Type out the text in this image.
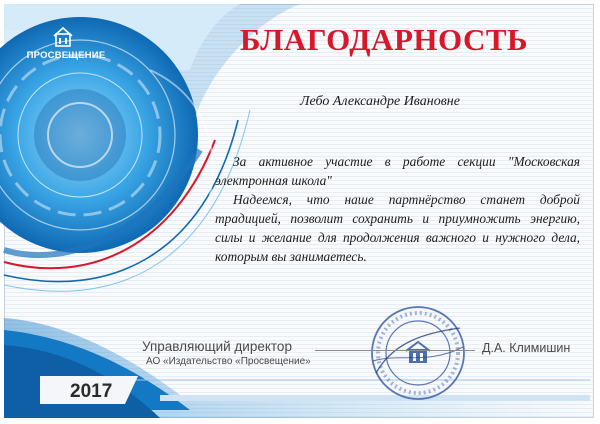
ПРОСВЕЩЕНИЕ	БЛАГОДАРНОСТЬ
Лебо Александре Ивановне

За активное участие в работе секции "Московская электронная школа"

Надеемся, что наше партнёрство станет доброй традицией, позволит сохранить и приумножить энергию, силы и желание для продолжения важного и нужного дела, которым вы занимаетесь.

Управляющий директор
АО «Издательство «Просвещение»
Д.А. Климишин
2017
